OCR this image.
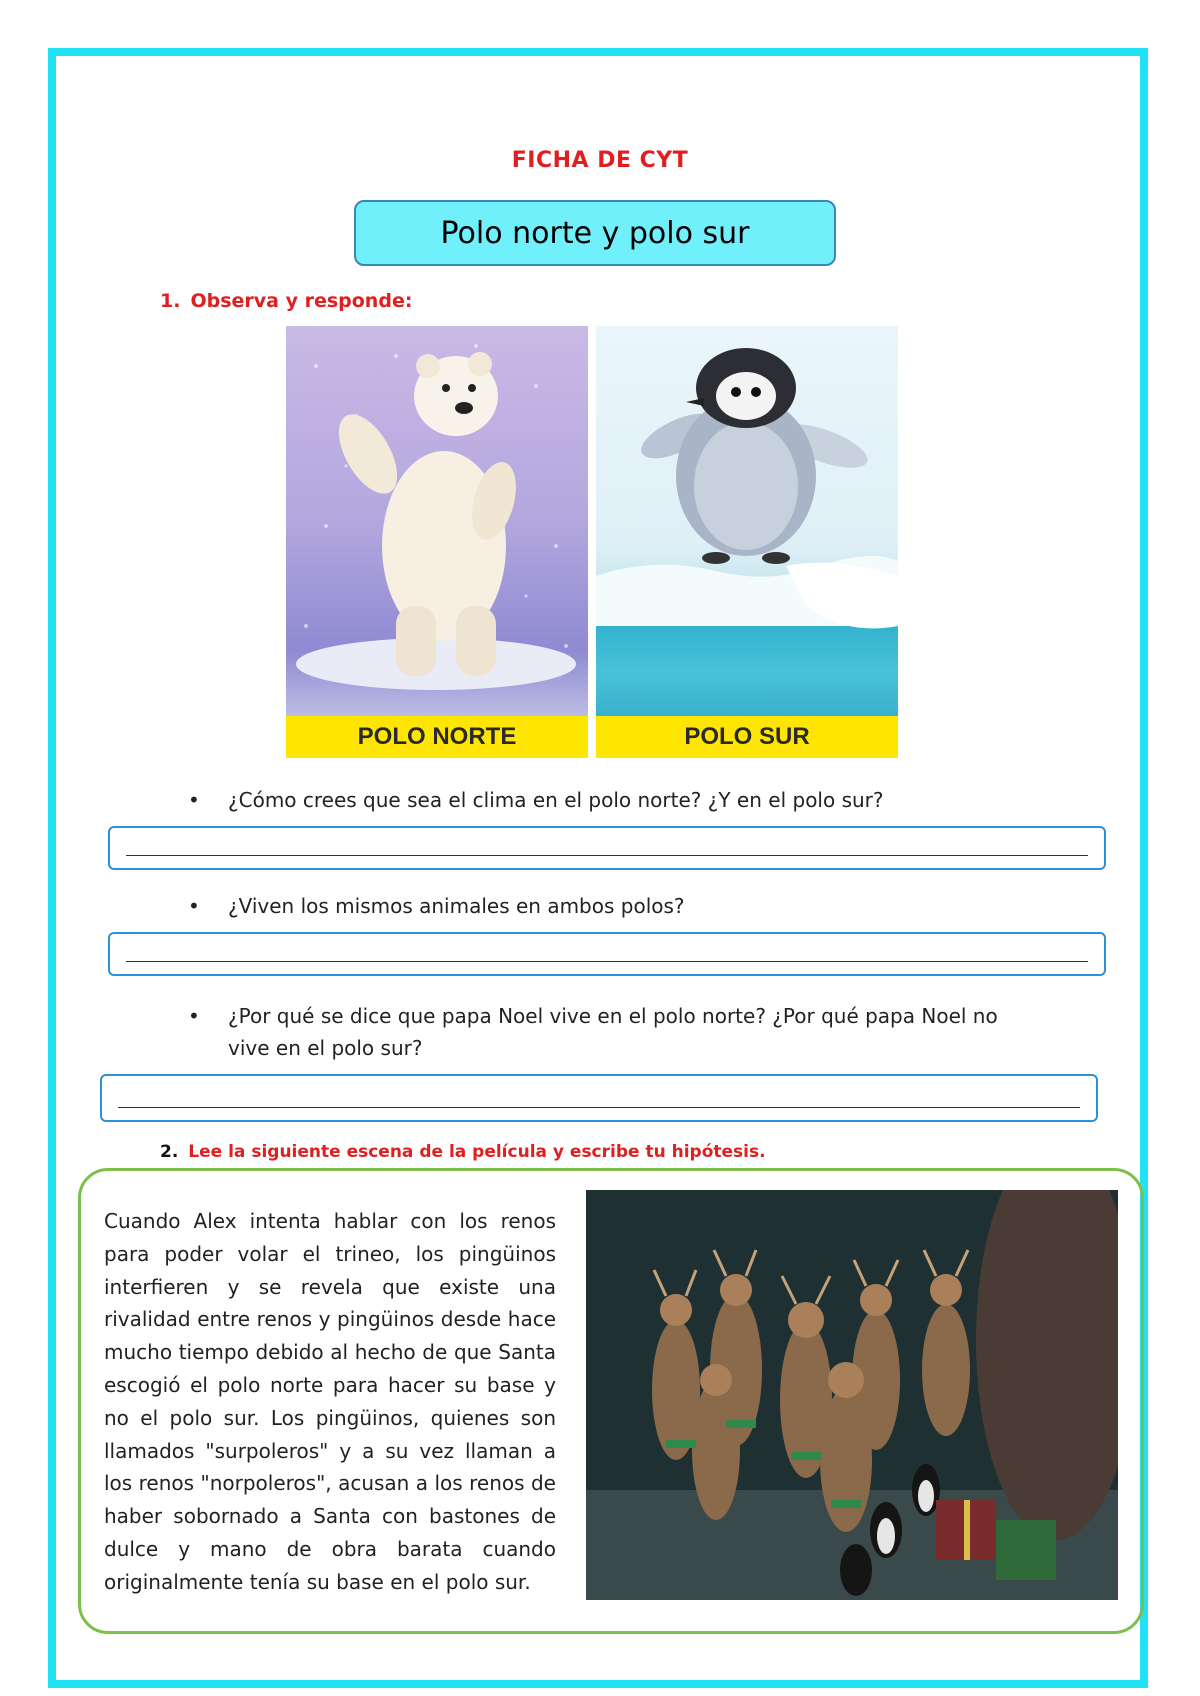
FICHA DE CYT
Polo norte y polo sur
1. Observa y responde:
POLO NORTE	POLO SUR
• ¿Cómo crees que sea el clima en el polo norte? ¿Y en el polo sur?
• ¿Viven los mismos animales en ambos polos?
• ¿Por qué se dice que papa Noel vive en el polo norte? ¿Por qué papa Noel no vive en el polo sur?
2. Lee la siguiente escena de la película y escribe tu hipótesis.
Cuando Alex intenta hablar con los renos para poder volar el trineo, los pingüinos interfieren y se revela que existe una rivalidad entre renos y pingüinos desde hace mucho tiempo debido al hecho de que Santa escogió el polo norte para hacer su base y no el polo sur. Los pingüinos, quienes son llamados "surpoleros" y a su vez llaman a los renos "norpoleros", acusan a los renos de haber sobornado a Santa con bastones de dulce y mano de obra barata cuando originalmente tenía su base en el polo sur.
